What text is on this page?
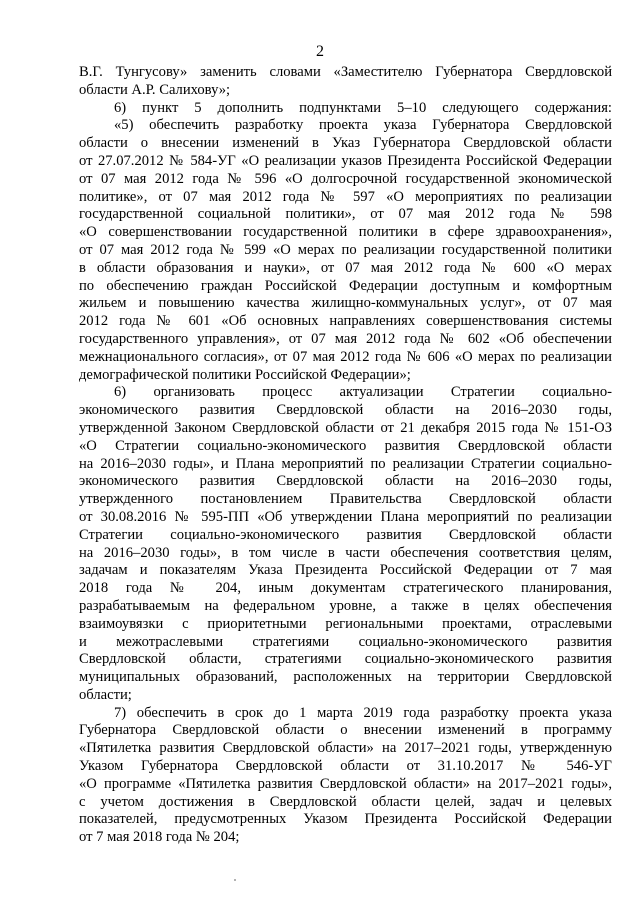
2
В.Г. Тунгусову» заменить словами «Заместителю Губернатора Свердловской
области А.Р. Салихову»;
6) пункт 5 дополнить подпунктами 5–10 следующего содержания:
«5) обеспечить разработку проекта указа Губернатора Свердловской
области о внесении изменений в Указ Губернатора Свердловской области
от 27.07.2012 № 584-УГ «О реализации указов Президента Российской Федерации
от 07 мая 2012 года № 596 «О долгосрочной государственной экономической
политике», от 07 мая 2012 года № 597 «О мероприятиях по реализации
государственной социальной политики», от 07 мая 2012 года № 598
«О совершенствовании государственной политики в сфере здравоохранения»,
от 07 мая 2012 года № 599 «О мерах по реализации государственной политики
в области образования и науки», от 07 мая 2012 года № 600 «О мерах
по обеспечению граждан Российской Федерации доступным и комфортным
жильем и повышению качества жилищно-коммунальных услуг», от 07 мая
2012 года № 601 «Об основных направлениях совершенствования системы
государственного управления», от 07 мая 2012 года № 602 «Об обеспечении
межнационального согласия», от 07 мая 2012 года № 606 «О мерах по реализации
демографической политики Российской Федерации»;
6) организовать процесс актуализации Стратегии социально-
экономического развития Свердловской области на 2016–2030 годы,
утвержденной Законом Свердловской области от 21 декабря 2015 года № 151-ОЗ
«О Стратегии социально-экономического развития Свердловской области
на 2016–2030 годы», и Плана мероприятий по реализации Стратегии социально-
экономического развития Свердловской области на 2016–2030 годы,
утвержденного постановлением Правительства Свердловской области
от 30.08.2016 № 595-ПП «Об утверждении Плана мероприятий по реализации
Стратегии социально-экономического развития Свердловской области
на 2016–2030 годы», в том числе в части обеспечения соответствия целям,
задачам и показателям Указа Президента Российской Федерации от 7 мая
2018 года № 204, иным документам стратегического планирования,
разрабатываемым на федеральном уровне, а также в целях обеспечения
взаимоувязки с приоритетными региональными проектами, отраслевыми
и межотраслевыми стратегиями социально-экономического развития
Свердловской области, стратегиями социально-экономического развития
муниципальных образований, расположенных на территории Свердловской
области;
7) обеспечить в срок до 1 марта 2019 года разработку проекта указа
Губернатора Свердловской области о внесении изменений в программу
«Пятилетка развития Свердловской области» на 2017–2021 годы, утвержденную
Указом Губернатора Свердловской области от 31.10.2017 № 546-УГ
«О программе «Пятилетка развития Свердловской области» на 2017–2021 годы»,
с учетом достижения в Свердловской области целей, задач и целевых
показателей, предусмотренных Указом Президента Российской Федерации
от 7 мая 2018 года № 204;
